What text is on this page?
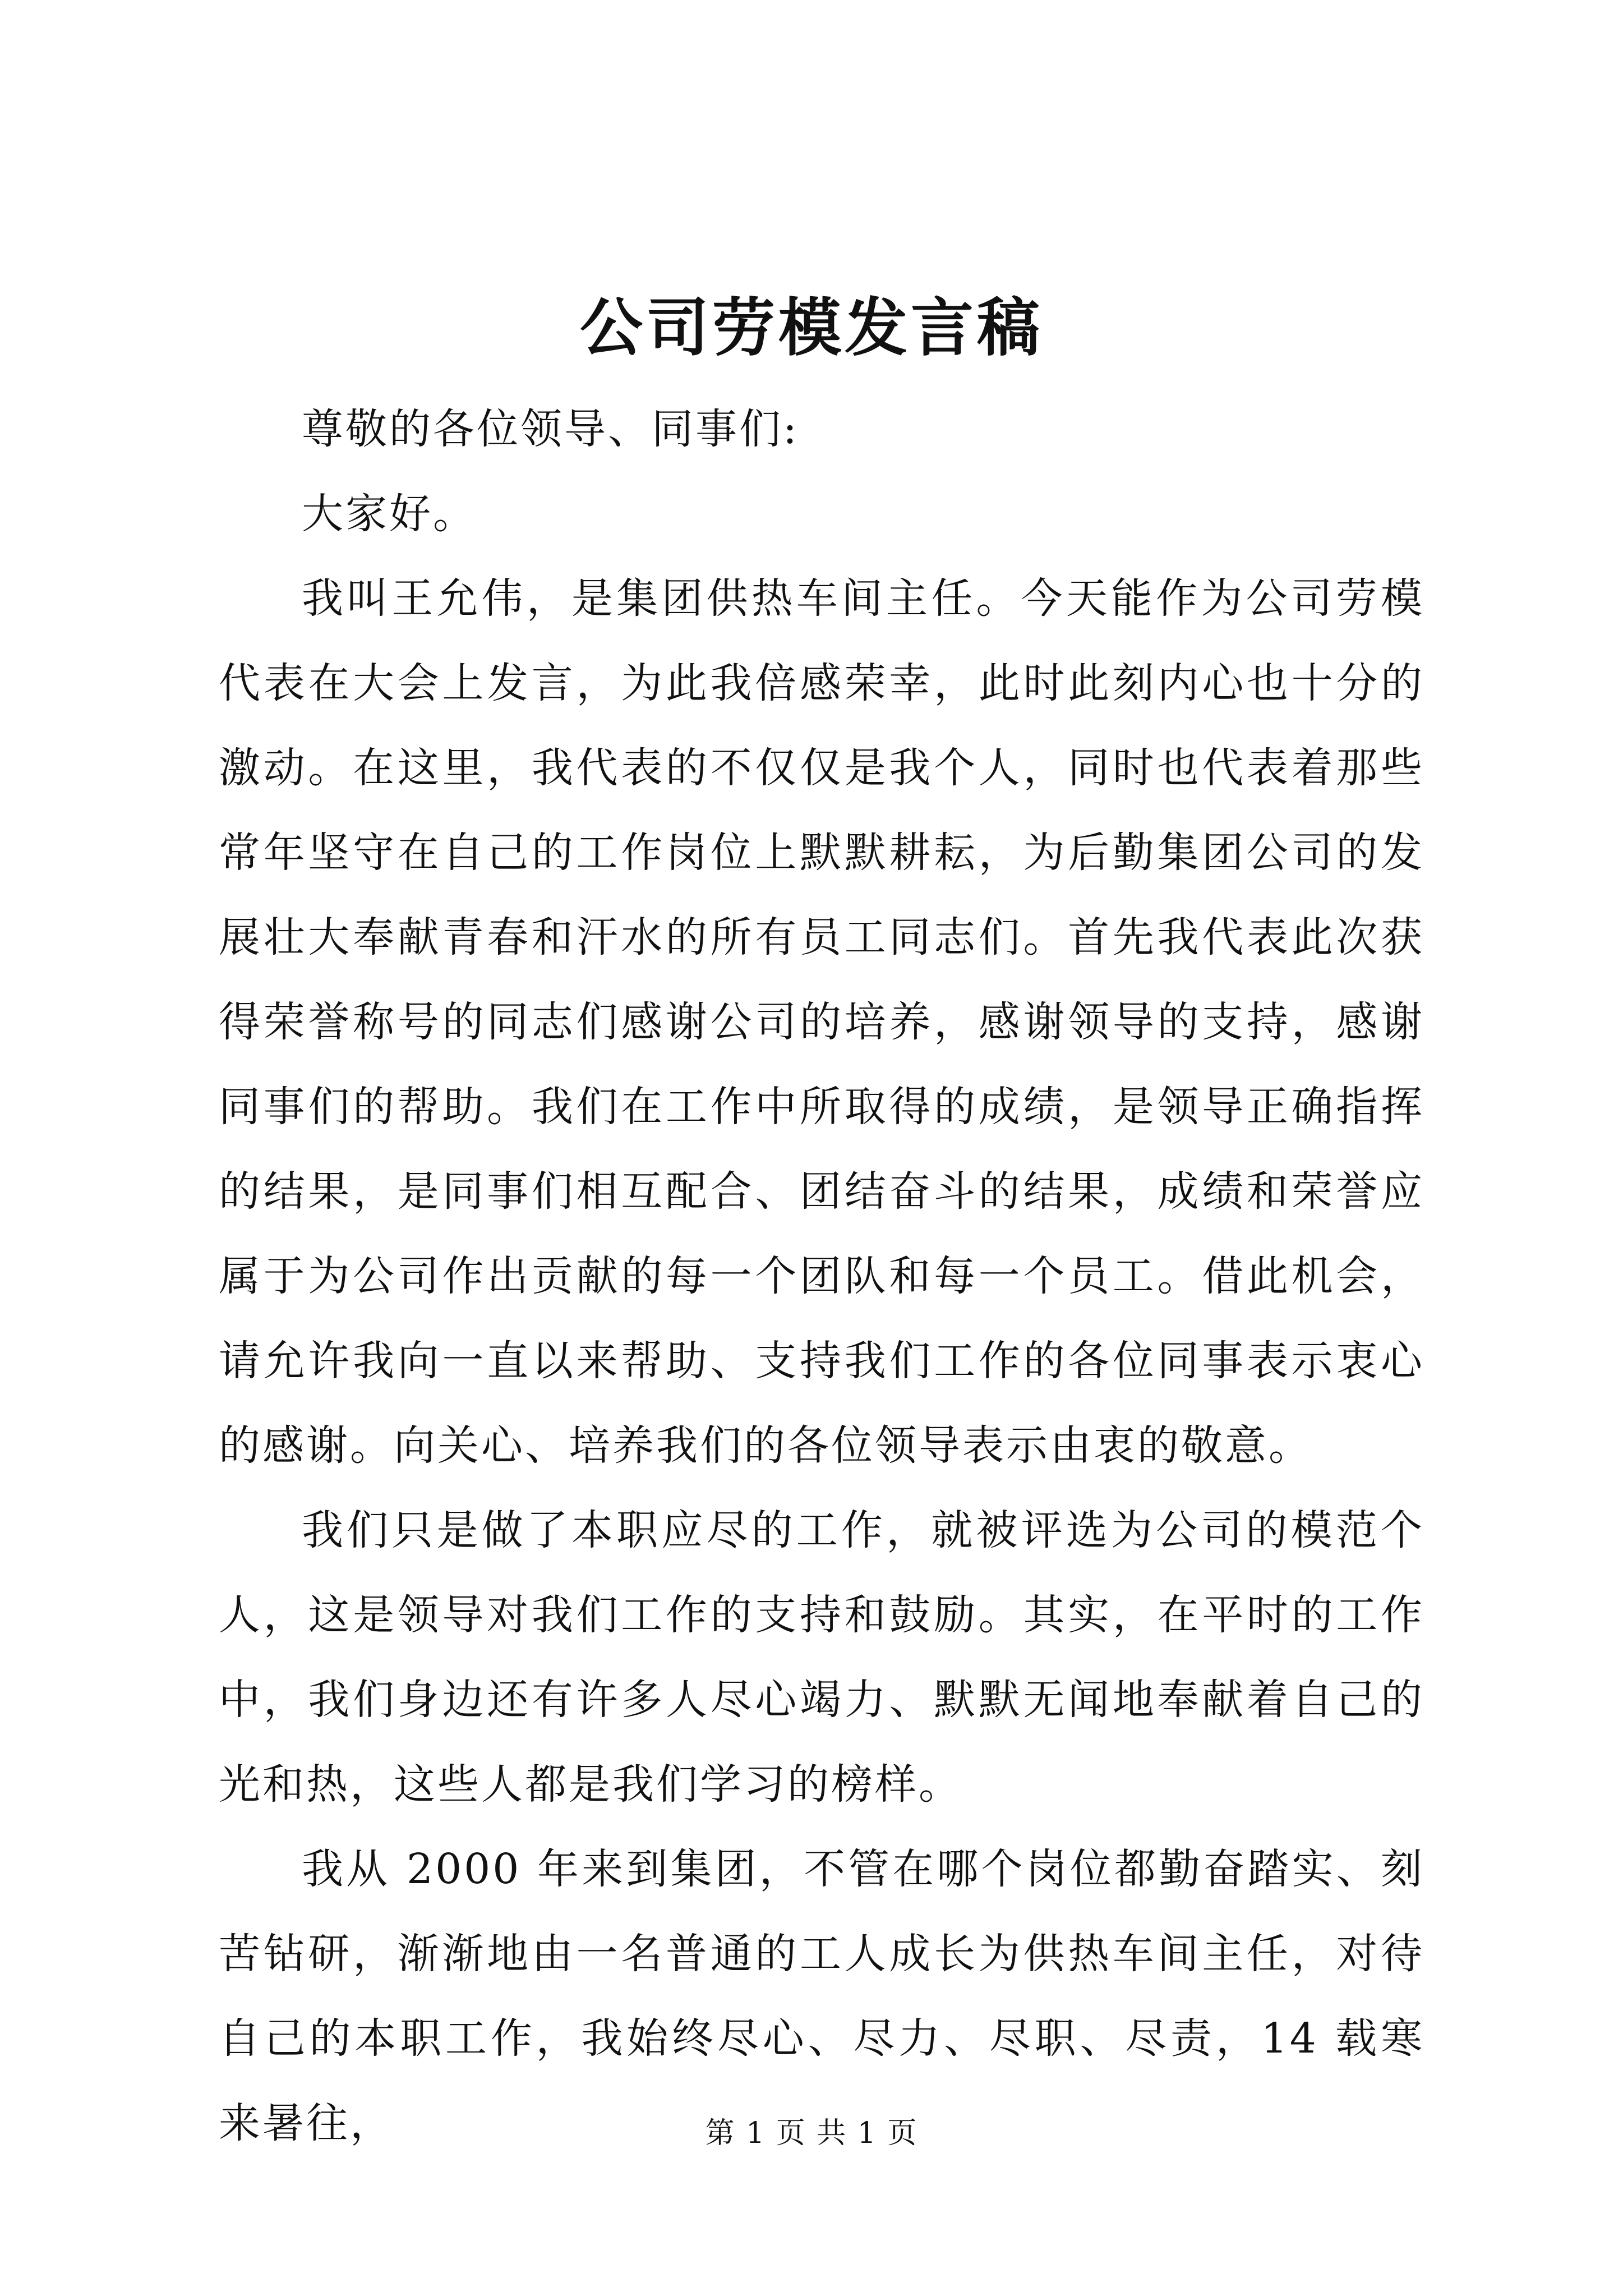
公司劳模发言稿

尊敬的各位领导、同事们:

大家好。

我叫王允伟，是集团供热车间主任。今天能作为公司劳模代表在大会上发言，为此我倍感荣幸，此时此刻内心也十分的激动。在这里，我代表的不仅仅是我个人，同时也代表着那些常年坚守在自己的工作岗位上默默耕耘，为后勤集团公司的发展壮大奉献青春和汗水的所有员工同志们。首先我代表此次获得荣誉称号的同志们感谢公司的培养，感谢领导的支持，感谢同事们的帮助。我们在工作中所取得的成绩，是领导正确指挥的结果，是同事们相互配合、团结奋斗的结果，成绩和荣誉应属于为公司作出贡献的每一个团队和每一个员工。借此机会，请允许我向一直以来帮助、支持我们工作的各位同事表示衷心的感谢。向关心、培养我们的各位领导表示由衷的敬意。

我们只是做了本职应尽的工作，就被评选为公司的模范个人，这是领导对我们工作的支持和鼓励。其实，在平时的工作中，我们身边还有许多人尽心竭力、默默无闻地奉献着自己的光和热，这些人都是我们学习的榜样。

我从 2000 年来到集团，不管在哪个岗位都勤奋踏实、刻苦钻研，渐渐地由一名普通的工人成长为供热车间主任，对待自己的本职工作，我始终尽心、尽力、尽职、尽责，14 载寒来暑往，	第 1 页 共 1 页
